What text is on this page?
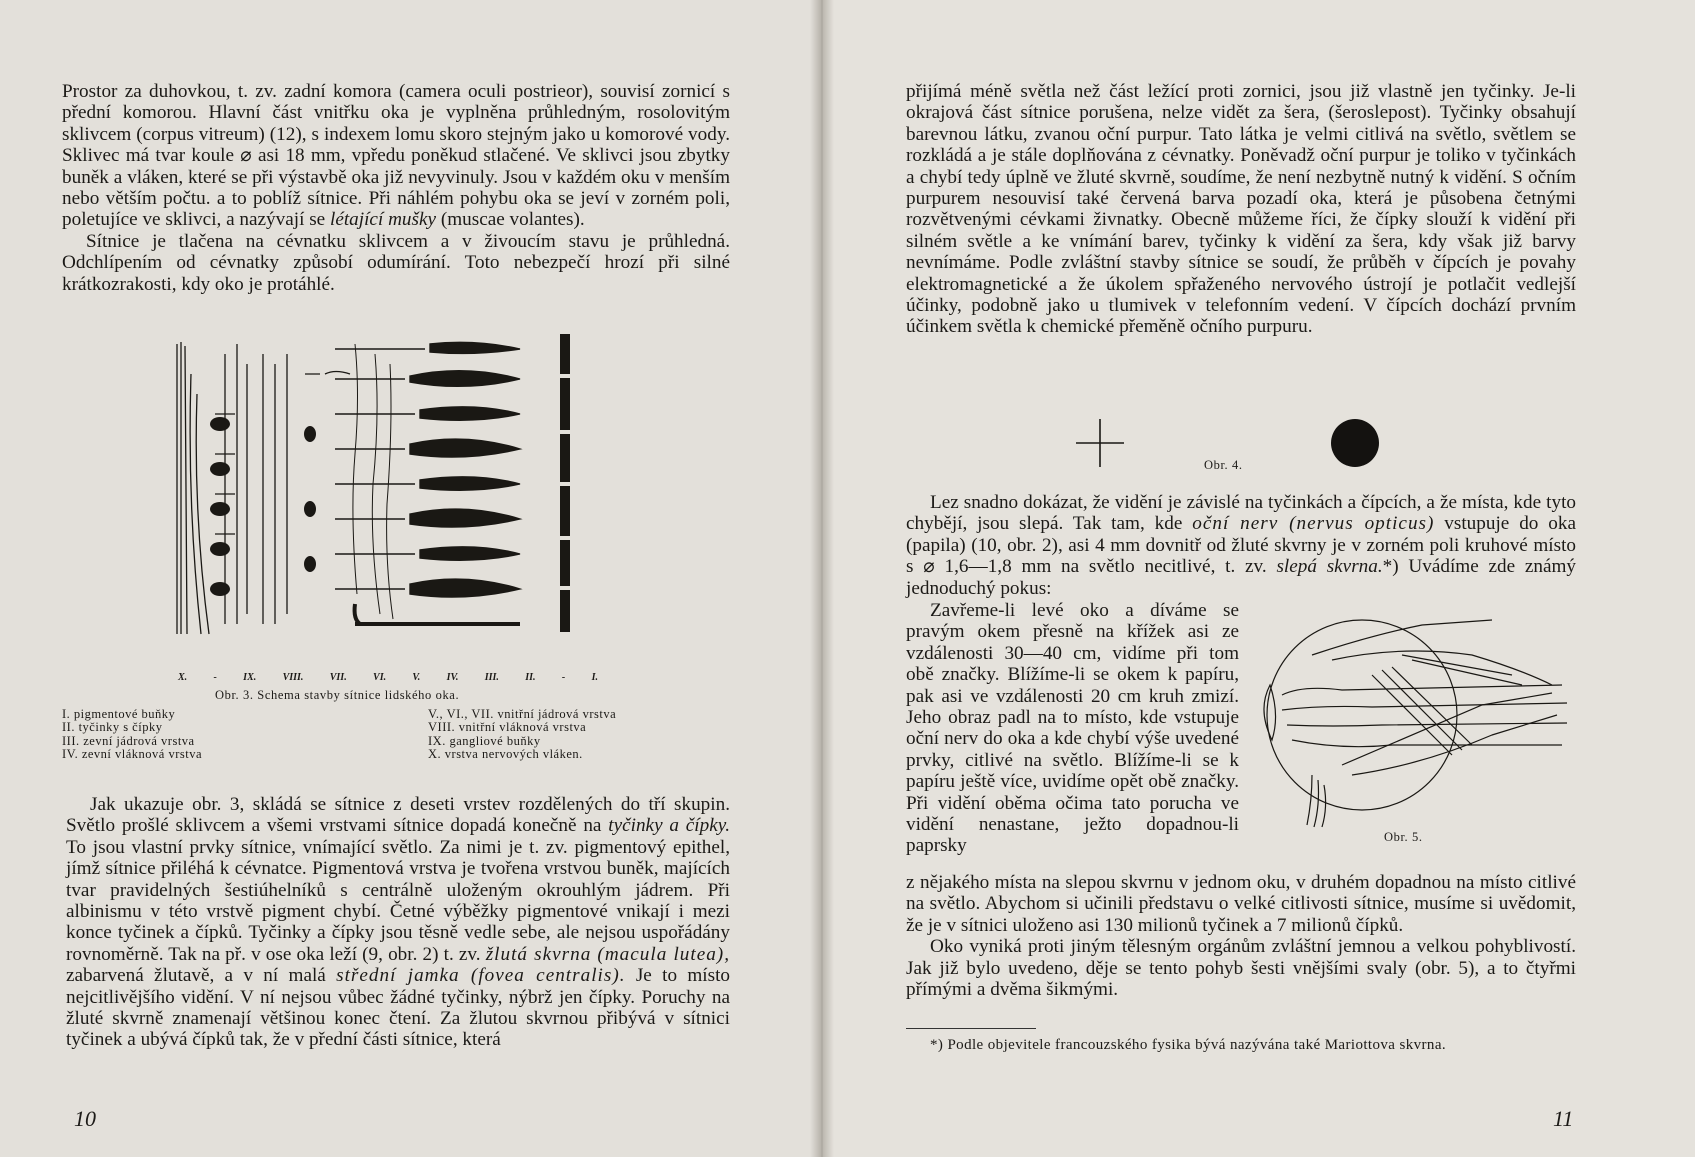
Prostor za duhovkou, t. zv. zadní komora (camera oculi postrieor), souvisí zornicí s přední komorou. Hlavní část vnitřku oka je vyplněna průhledným, rosolovitým sklivcem (corpus vitreum) (12), s indexem lomu skoro stejným jako u komorové vody. Sklivec má tvar koule ⌀ asi 18 mm, vpředu poněkud stlačené. Ve sklivci jsou zbytky buněk a vláken, které se při výstavbě oka již nevyvinuly. Jsou v každém oku v menším nebo větším počtu. a to poblíž sítnice. Při náhlém pohybu oka se jeví v zorném poli, poletujíce ve sklivci, a nazývají se létající mušky (muscae volantes).

Sítnice je tlačena na cévnatku sklivcem a v živoucím stavu je průhledná. Odchlípením od cévnatky způsobí odumírání. Toto nebezpečí hrozí při silné krátkozrakosti, kdy oko je protáhlé.

X.	-	IX.	VIII.	VII.	VI.	V.	IV.	III.	II.	-	I.
Obr. 3. Schema stavby sítnice lidského oka.
I. pigmentové buňky
II. tyčinky s čípky
III. zevní jádrová vrstva
IV. zevní vláknová vrstva
V., VI., VII. vnitřní jádrová vrstva
VIII. vnitřní vláknová vrstva
IX. gangliové buňky
X. vrstva nervových vláken.

Jak ukazuje obr. 3, skládá se sítnice z deseti vrstev rozdělených do tří skupin. Světlo prošlé sklivcem a všemi vrstvami sítnice dopadá konečně na tyčinky a čípky. To jsou vlastní prvky sítnice, vnímající světlo. Za nimi je t. zv. pigmentový epithel, jímž sítnice přiléhá k cévnatce. Pigmentová vrstva je tvořena vrstvou buněk, majících tvar pravidelných šestiúhelníků s centrálně uloženým okrouhlým jádrem. Při albinismu v této vrstvě pigment chybí. Četné výběžky pigmentové vnikají i mezi konce tyčinek a čípků. Tyčinky a čípky jsou těsně vedle sebe, ale nejsou uspořádány rovnoměrně. Tak na př. v ose oka leží (9, obr. 2) t. zv. žlutá skvrna (macula lutea), zabarvená žlutavě, a v ní malá střední jamka (fovea centralis). Je to místo nejcitlivějšího vidění. V ní nejsou vůbec žádné tyčinky, nýbrž jen čípky. Poruchy na žluté skvrně znamenají většinou konec čtení. Za žlutou skvrnou přibývá v sítnici tyčinek a ubývá čípků tak, že v přední části sítnice, která

10

přijímá méně světla než část ležící proti zornici, jsou již vlastně jen tyčinky. Je-li okrajová část sítnice porušena, nelze vidět za šera, (šeroslepost). Tyčinky obsahují barevnou látku, zvanou oční purpur. Tato látka je velmi citlivá na světlo, světlem se rozkládá a je stále doplňována z cévnatky. Poněvadž oční purpur je toliko v tyčinkách a chybí tedy úplně ve žluté skvrně, soudíme, že není nezbytně nutný k vidění. S očním purpurem nesouvisí také červená barva pozadí oka, která je působena četnými rozvětvenými cévkami živnatky. Obecně můžeme říci, že čípky slouží k vidění při silném světle a ke vnímání barev, tyčinky k vidění za šera, kdy však již barvy nevnímáme. Podle zvláštní stavby sítnice se soudí, že průběh v čípcích je povahy elektromagnetické a že úkolem spřaženého nervového ústrojí je potlačit vedlejší účinky, podobně jako u tlumivek v telefonním vedení. V čípcích dochází prvním účinkem světla k chemické přeměně očního purpuru.

Obr. 4.

Lez snadno dokázat, že vidění je závislé na tyčinkách a čípcích, a že místa, kde tyto chybějí, jsou slepá. Tak tam, kde oční nerv (nervus opticus) vstupuje do oka (papila) (10, obr. 2), asi 4 mm dovnitř od žluté skvrny je v zorném poli kruhové místo s ⌀ 1,6—1,8 mm na světlo necitlivé, t. zv. slepá skvrna.*) Uvádíme zde známý jednoduchý pokus:

Zavřeme-li levé oko a díváme se pravým okem přesně na křížek asi ze vzdálenosti 30—40 cm, vidíme při tom obě značky. Blížíme-li se okem k papíru, pak asi ve vzdálenosti 20 cm kruh zmizí. Jeho obraz padl na to místo, kde vstupuje oční nerv do oka a kde chybí výše uvedené prvky, citlivé na světlo. Blížíme-li se k papíru ještě více, uvidíme opět obě značky. Při vidění oběma očima tato porucha ve vidění nenastane, ježto dopadnou-li paprsky	Obr. 5.

z nějakého místa na slepou skvrnu v jednom oku, v druhém dopadnou na místo citlivé na světlo. Abychom si učinili představu o velké citlivosti sítnice, musíme si uvědomit, že je v sítnici uloženo asi 130 milionů tyčinek a 7 milionů čípků.

Oko vyniká proti jiným tělesným orgánům zvláštní jemnou a velkou pohyblivostí. Jak již bylo uvedeno, děje se tento pohyb šesti vnějšími svaly (obr. 5), a to čtyřmi přímými a dvěma šikmými.

*) Podle objevitele francouzského fysika bývá nazývána také Mariottova skvrna.

11
